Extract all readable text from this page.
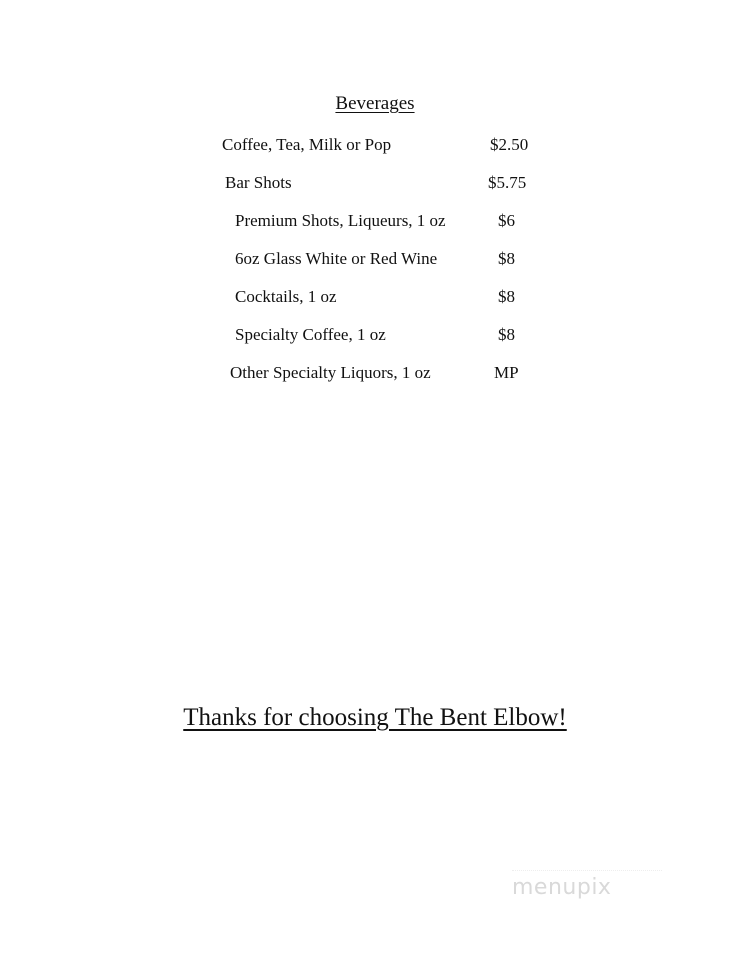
Beverages
Coffee, Tea, Milk or Pop	$2.50
Bar Shots	$5.75
Premium Shots, Liqueurs, 1 oz	$6
6oz Glass White or Red Wine	$8
Cocktails, 1 oz	$8
Specialty Coffee, 1 oz	$8
Other Specialty Liquors, 1 oz	MP
Thanks for choosing The Bent Elbow!
menupix
